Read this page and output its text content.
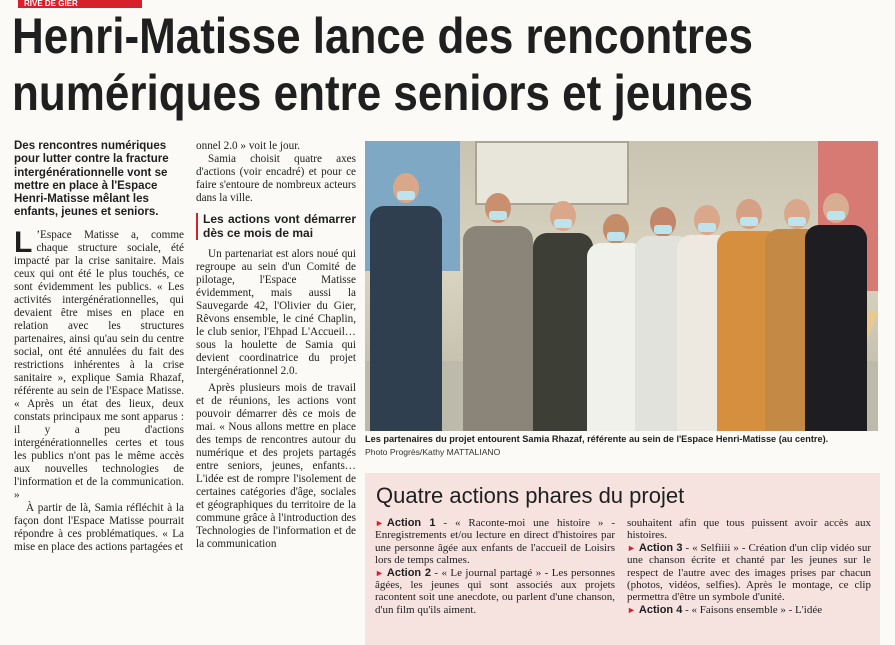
RIVE DE GIER
Henri-Matisse lance des rencontres
numériques entre seniors et jeunes
Des rencontres numériques pour lutter contre la fracture intergénérationnelle vont se mettre en place à l'Espace Henri-Matisse mêlant les enfants, jeunes et seniors.

L ’Espace Matisse a, comme chaque structure sociale, été impacté par la crise sanitaire. Mais ceux qui ont été le plus touchés, ce sont évidemment les publics. « Les activités intergénérationnelles, qui devaient être mises en place en relation avec les structures partenaires, ainsi qu'au sein du centre social, ont été annulées du fait des restrictions inhérentes à la crise sanitaire », explique Samia Rhazaf, référente au sein de l'Espace Matisse. « Après un état des lieux, deux constats principaux me sont apparus : il y a peu d'actions intergénérationnelles certes et tous les publics n'ont pas le même accès aux nouvelles technologies de l'information et de la communication. »

À partir de là, Samia réfléchit à la façon dont l'Espace Matisse pourrait répondre à ces problématiques. « La mise en place des actions partagées et

onnel 2.0 » voit le jour.

Samia choisit quatre axes d'actions (voir encadré) et pour ce faire s'entoure de nombreux acteurs dans la ville.

Les actions vont démarrer dès ce mois de mai

Un partenariat est alors noué qui regroupe au sein d'un Comité de pilotage, l'Espace Matisse évidemment, mais aussi la Sauvegarde 42, l'Olivier du Gier, Rêvons ensemble, le ciné Chaplin, le club senior, l'Ehpad L'Accueil… sous la houlette de Samia qui devient coordinatrice du projet Intergénérationnel 2.0.

Après plusieurs mois de travail et de réunions, les actions vont pouvoir démarrer dès ce mois de mai. « Nous allons mettre en place des temps de rencontres autour du numérique et des projets partagés entre seniors, jeunes, enfants… L'idée est de rompre l'isolement de certaines catégories d'âge, sociales et géographiques du territoire de la commune grâce à l'introduction des Technologies de l'information et de la communication

Les partenaires du projet entourent Samia Rhazaf, référente au sein de l'Espace Henri-Matisse (au centre).
Photo Progrès/Kathy MATTALIANO
Quatre actions phares du projet

► Action 1 - « Raconte-moi une histoire » - Enregistrements et/ou lecture en direct d'histoires par une personne âgée aux enfants de l'accueil de Loisirs lors de temps calmes.

► Action 2 - « Le journal partagé » - Les personnes âgées, les jeunes qui sont associés aux projets racontent soit une anecdote, ou parlent d'une chanson, d'un film qu'ils aiment.

souhaitent afin que tous puissent avoir accès aux histoires.

► Action 3 - « Selfiiii » - Création d'un clip vidéo sur une chanson écrite et chanté par les jeunes sur le respect de l'autre avec des images prises par chacun (photos, vidéos, selfies). Après le montage, ce clip permettra d'être un symbole d'unité.

► Action 4 - « Faisons ensemble » - L'idée
